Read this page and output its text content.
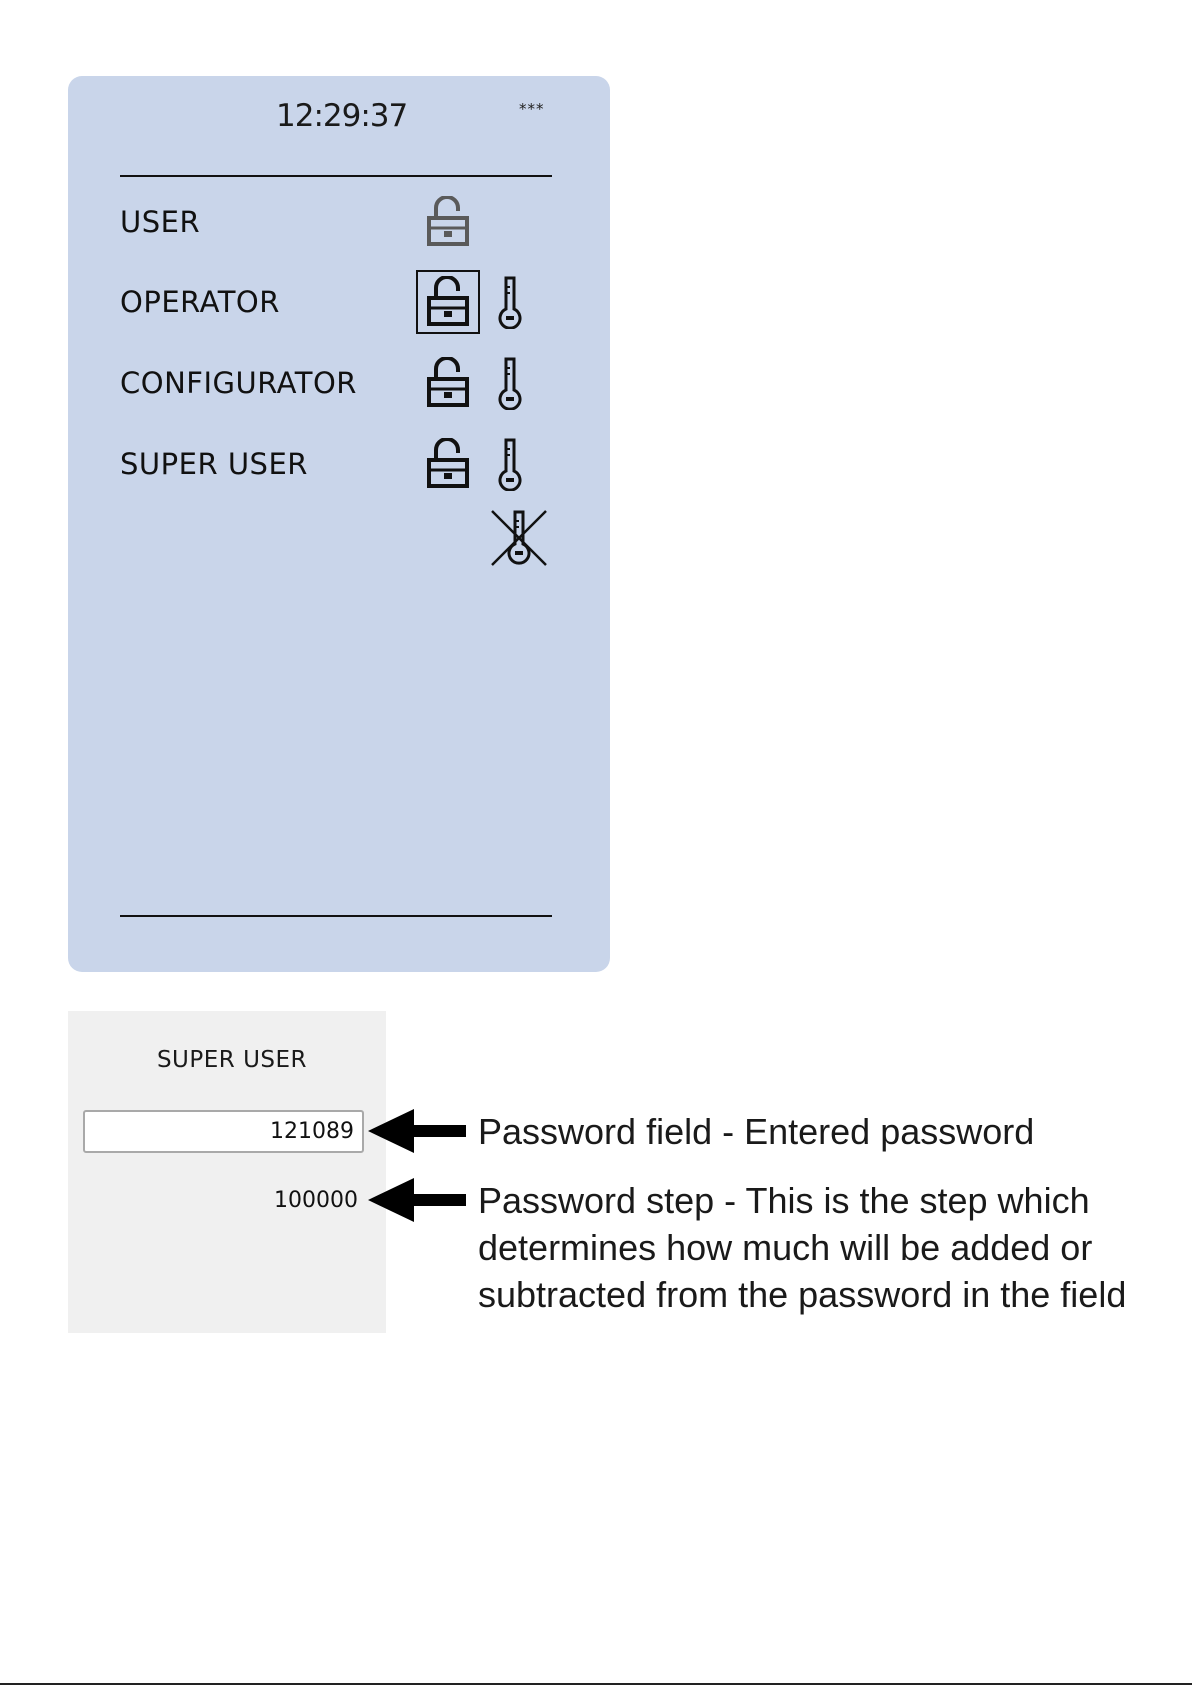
12:29:37	***
USER
OPERATOR
CONFIGURATOR
SUPER USER
SUPER USER
121089
100000
Password field - Entered password
Password step - This is the step which determines how much will be added or subtracted from the password in the field
